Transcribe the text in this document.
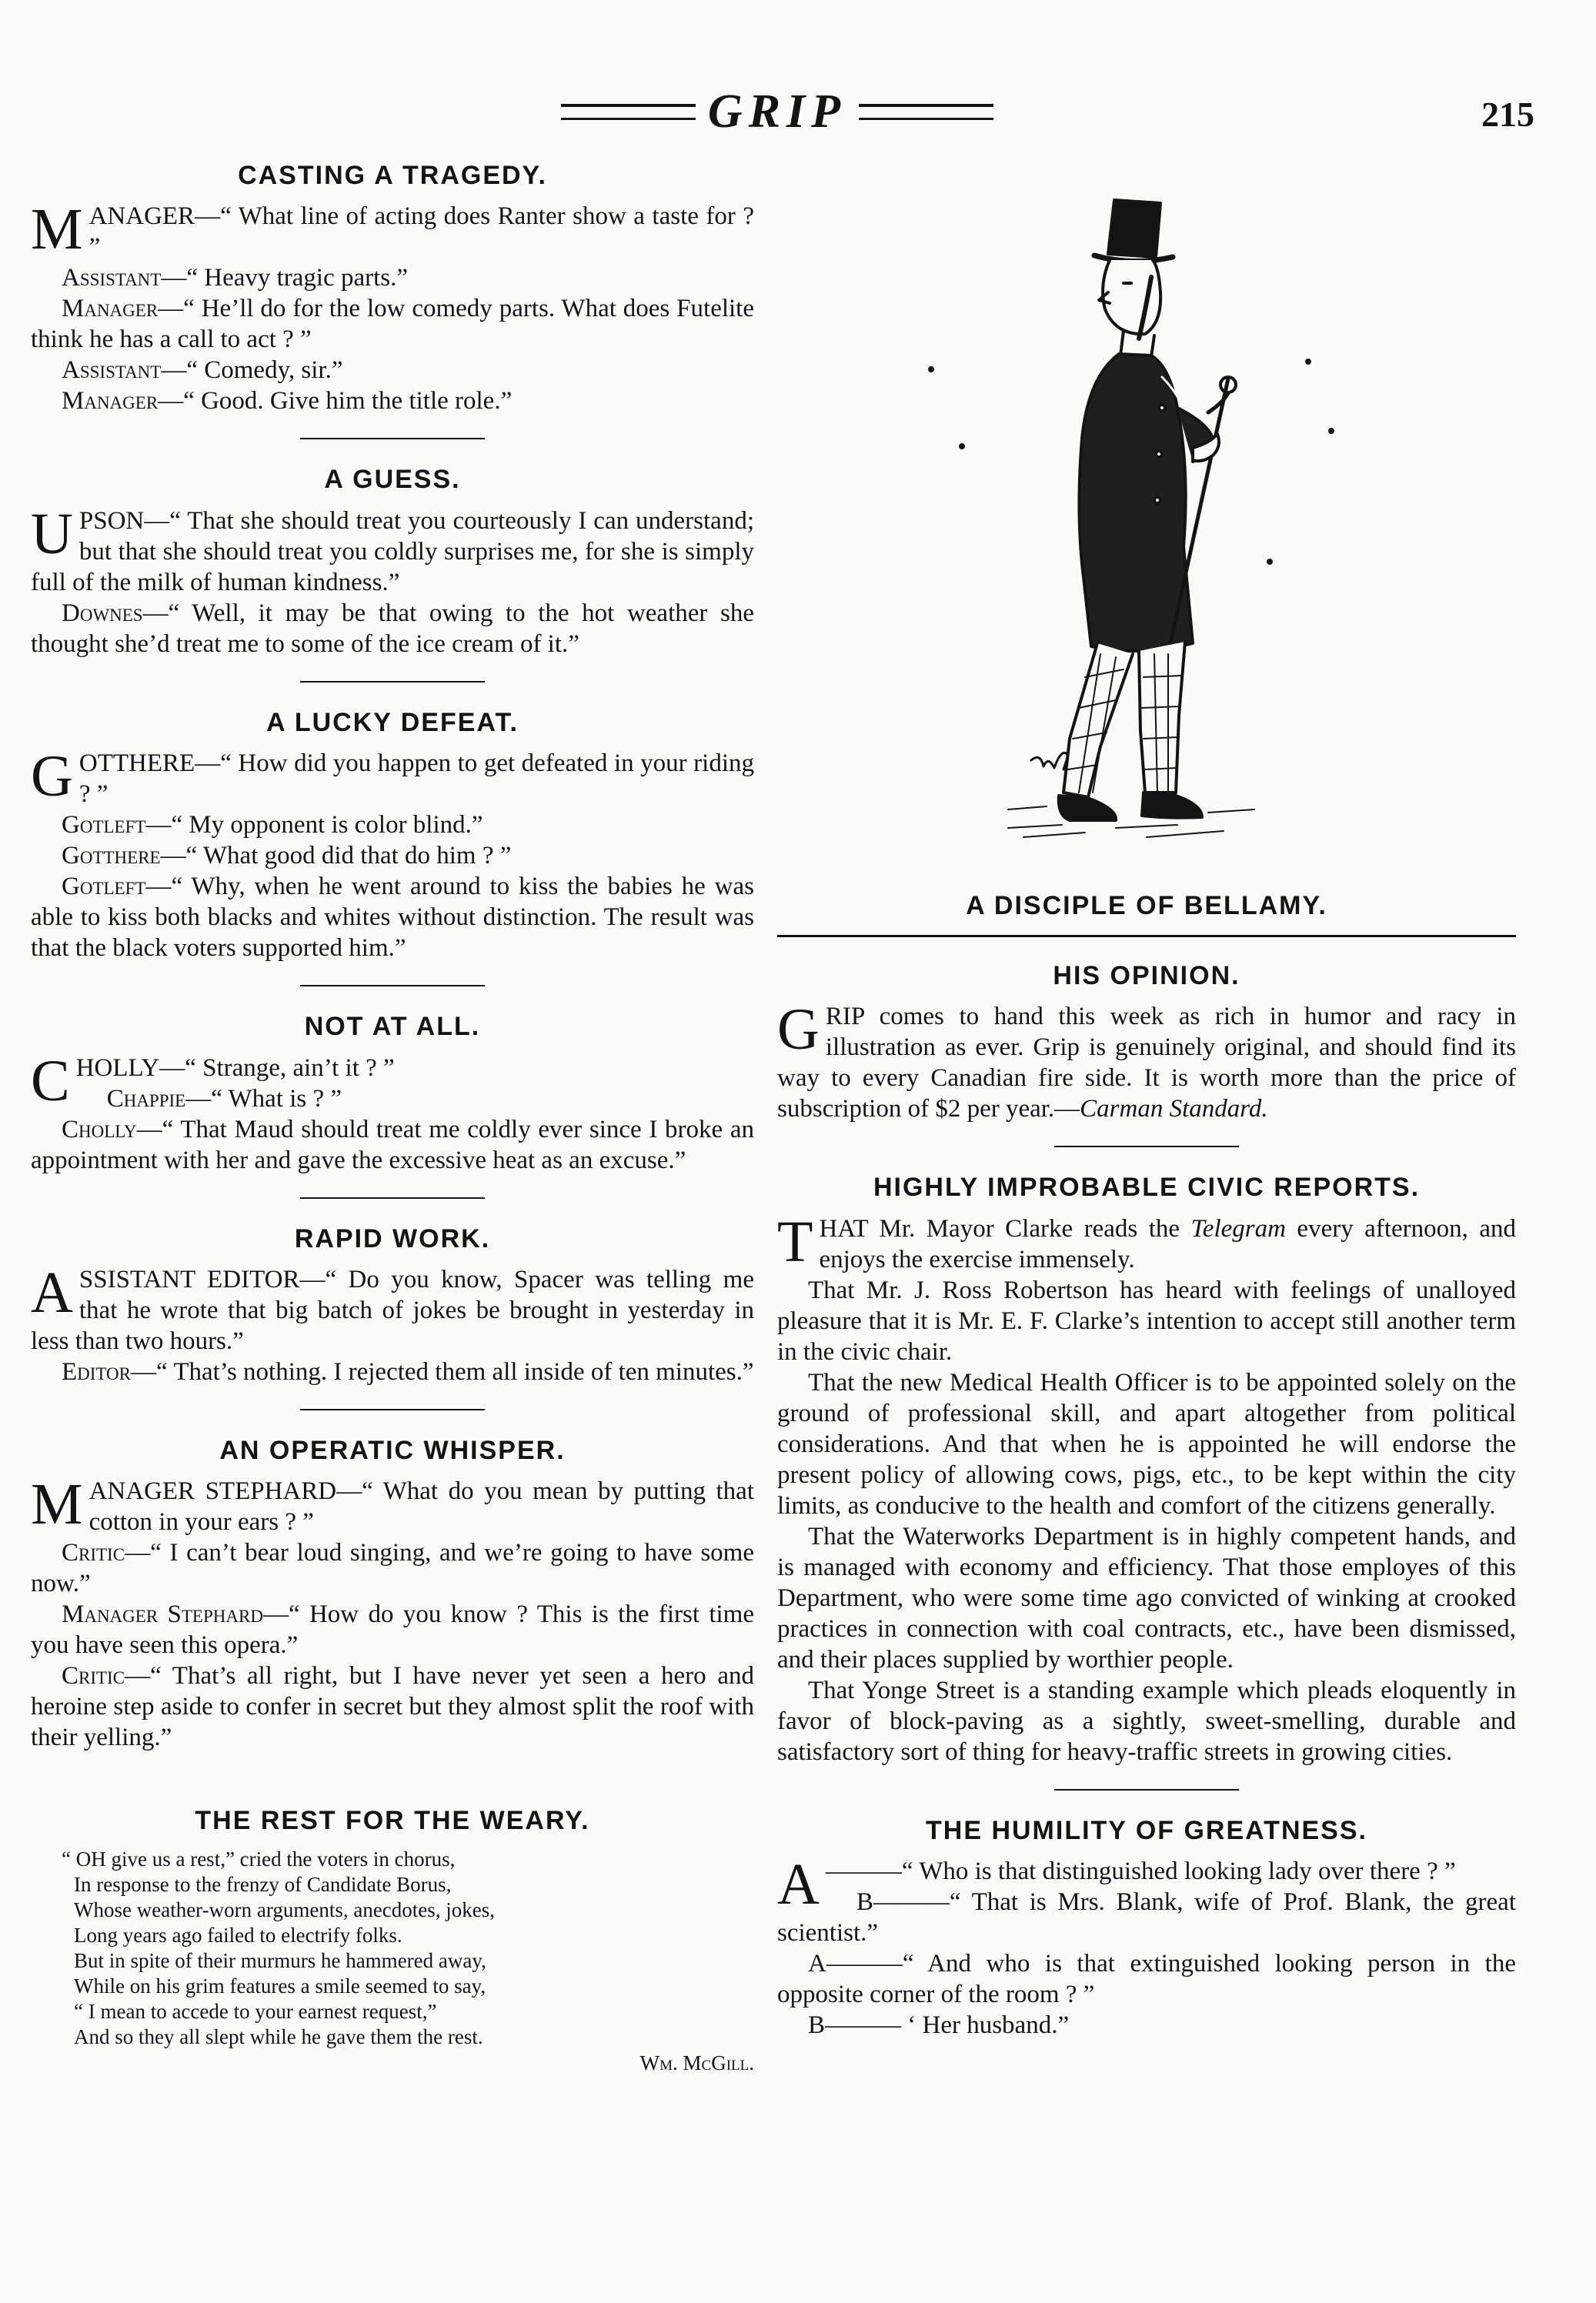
GRIP	215
CASTING A TRAGEDY.

MANAGER—“ What line of acting does Ranter show a taste for ? ”

Assistant—“ Heavy tragic parts.”

Manager—“ He’ll do for the low comedy parts. What does Futelite think he has a call to act ? ”

Assistant—“ Comedy, sir.”

Manager—“ Good. Give him the title role.”

A GUESS.

UPSON—“ That she should treat you courteously I can understand; but that she should treat you coldly surprises me, for she is simply full of the milk of human kindness.”

Downes—“ Well, it may be that owing to the hot weather she thought she’d treat me to some of the ice cream of it.”

A LUCKY DEFEAT.

GOTTHERE—“ How did you happen to get defeated in your riding ? ”

Gotleft—“ My opponent is color blind.”

Gotthere—“ What good did that do him ? ”

Gotleft—“ Why, when he went around to kiss the babies he was able to kiss both blacks and whites without distinction. The result was that the black voters supported him.”

NOT AT ALL.

CHOLLY—“ Strange, ain’t it ? ”

Chappie—“ What is ? ”

Cholly—“ That Maud should treat me coldly ever since I broke an appointment with her and gave the excessive heat as an excuse.”

RAPID WORK.

ASSISTANT EDITOR—“ Do you know, Spacer was telling me that he wrote that big batch of jokes be brought in yesterday in less than two hours.”

Editor—“ That’s nothing. I rejected them all inside of ten minutes.”

AN OPERATIC WHISPER.

MANAGER STEPHARD—“ What do you mean by putting that cotton in your ears ? ”

Critic—“ I can’t bear loud singing, and we’re going to have some now.”

Manager Stephard—“ How do you know ? This is the first time you have seen this opera.”

Critic—“ That’s all right, but I have never yet seen a hero and heroine step aside to confer in secret but they almost split the roof with their yelling.”

THE REST FOR THE WEARY.

“ OH give us a rest,” cried the voters in chorus,

In response to the frenzy of Candidate Borus,

Whose weather-worn arguments, anecdotes, jokes,

Long years ago failed to electrify folks.

But in spite of their murmurs he hammered away,

While on his grim features a smile seemed to say,

“ I mean to accede to your earnest request,”

And so they all slept while he gave them the rest.

Wm. McGill.
A DISCIPLE OF BELLAMY.
HIS OPINION.

GRIP comes to hand this week as rich in humor and racy in illustration as ever. Grip is genuinely original, and should find its way to every Canadian fire side. It is worth more than the price of subscription of $2 per year.—Carman Standard.

HIGHLY IMPROBABLE CIVIC REPORTS.

THAT Mr. Mayor Clarke reads the Telegram every afternoon, and enjoys the exercise immensely.

That Mr. J. Ross Robertson has heard with feelings of unalloyed pleasure that it is Mr. E. F. Clarke’s intention to accept still another term in the civic chair.

That the new Medical Health Officer is to be appointed solely on the ground of professional skill, and apart altogether from political considerations. And that when he is appointed he will endorse the present policy of allowing cows, pigs, etc., to be kept within the city limits, as conducive to the health and comfort of the citizens generally.

That the Waterworks Department is in highly competent hands, and is managed with economy and efficiency. That those employes of this Department, who were some time ago convicted of winking at crooked practices in connection with coal contracts, etc., have been dismissed, and their places supplied by worthier people.

That Yonge Street is a standing example which pleads eloquently in favor of block-paving as a sightly, sweet-smelling, durable and satisfactory sort of thing for heavy-traffic streets in growing cities.

THE HUMILITY OF GREATNESS.

A ———“ Who is that distinguished looking lady over there ? ”

B———“ That is Mrs. Blank, wife of Prof. Blank, the great scientist.”

A———“ And who is that extinguished looking person in the opposite corner of the room ? ”

B——— ‘ Her husband.”
